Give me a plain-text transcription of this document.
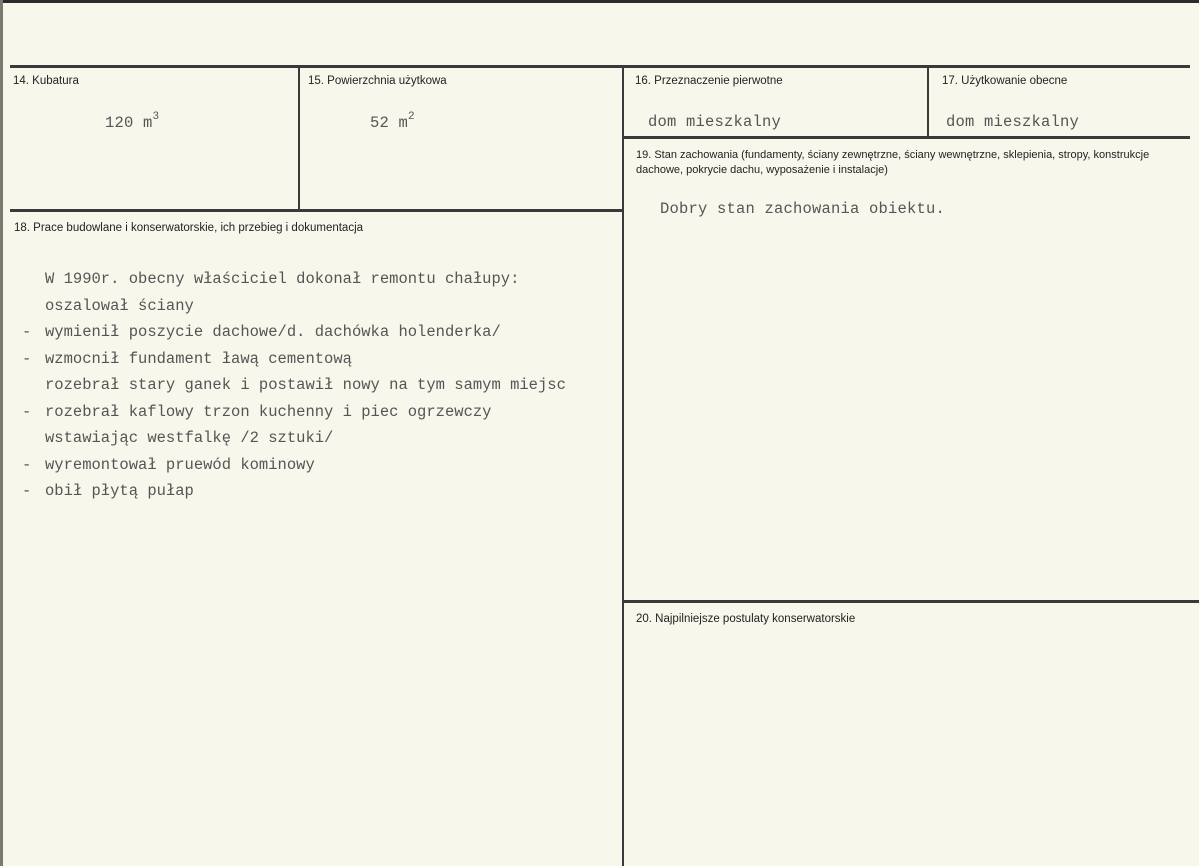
14. Kubatura
120 $m^3$
15. Powierzchnia użytkowa
52 $m^2$
16. Przeznaczenie pierwotne
dom mieszkalny
17. Użytkowanie obecne
dom mieszkalny
19. Stan zachowania (fundamenty, ściany zewnętrzne, ściany wewnętrzne, sklepienia, stropy, konstrukcje dachowe, pokrycie dachu, wyposażenie i instalacje)
Dobry stan zachowania obiektu.
18. Prace budowlane i konserwatorskie, ich przebieg i dokumentacja
W 1990r. obecny właściciel dokonał remontu chałupy:
oszalował ściany
- wymienił poszycie dachowe/d. dachówka holenderka/
- wzmocnił fundament ławą cementową
rozebrał stary ganek i postawił nowy na tym samym miejsc
- rozebrał kaflowy trzon kuchenny i piec ogrzewczy
wstawiając westfalkę /2 sztuki/
- wyremontował pruewód kominowy
- obił płytą pułap
20. Najpilniejsze postulaty konserwatorskie
